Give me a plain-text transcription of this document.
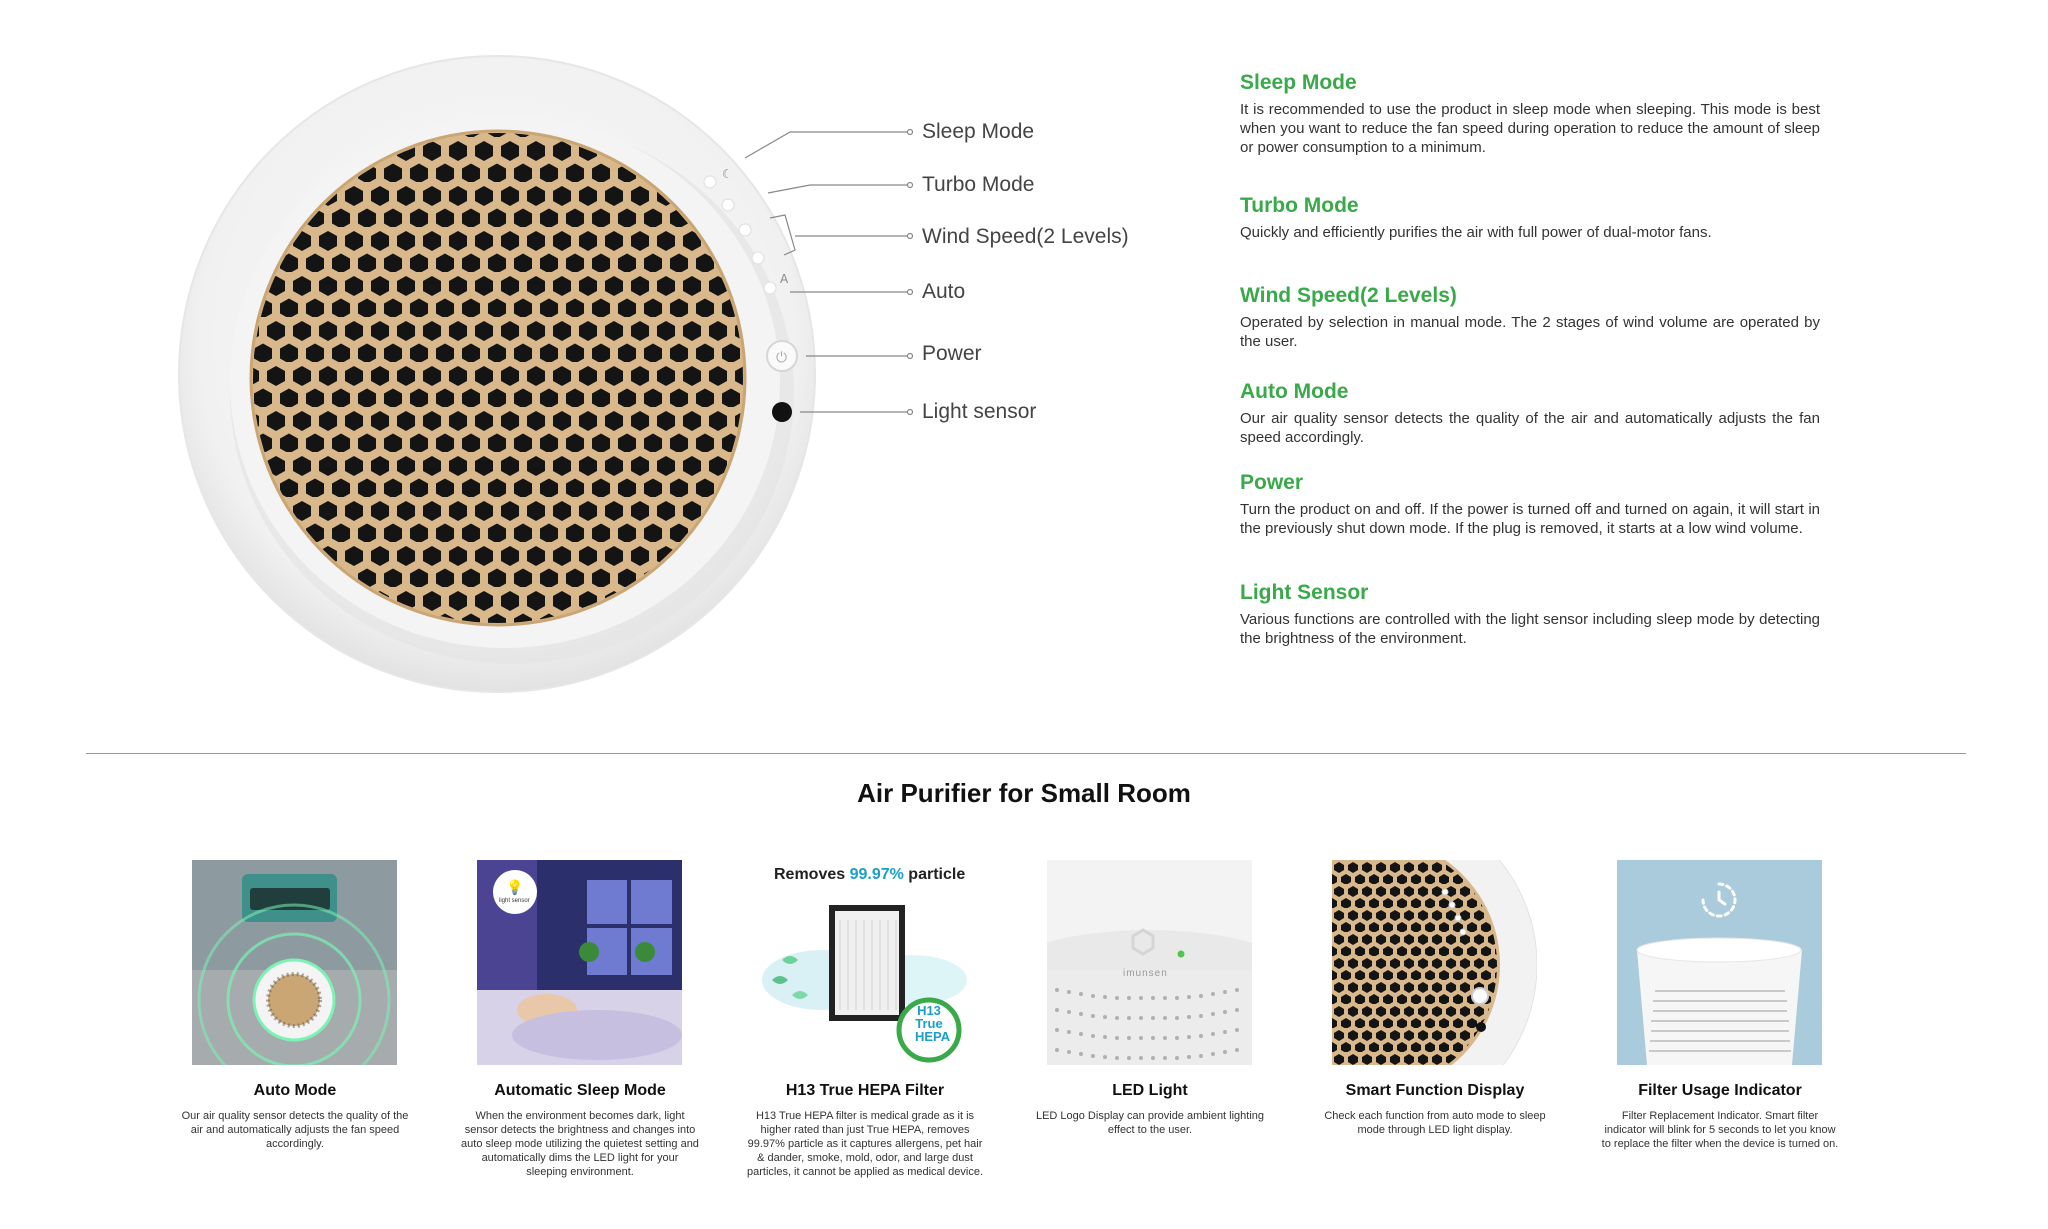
☾
A
⏻
Sleep Mode
Turbo Mode
Wind Speed(2 Levels)
Auto
Power
Light sensor
Sleep Mode

It is recommended to use the product in sleep mode when sleeping. This mode is best when you want to reduce the fan speed during operation to reduce the amount of sleep or power consumption to a minimum.

Turbo Mode

Quickly and efficiently purifies the air with full power of dual-motor fans.

Wind Speed(2 Levels)

Operated by selection in manual mode. The 2 stages of wind volume are operated by the user.

Auto Mode

Our air quality sensor detects the quality of the air and automatically adjusts the fan speed accordingly.

Power

Turn the product on and off. If the power is turned off and turned on again, it will start in the previously shut down mode. If the plug is removed, it starts at a low wind volume.

Light Sensor

Various functions are controlled with the light sensor including sleep mode by detecting the brightness of the environment.

Air Purifier for Small Room
Auto Mode

Our air quality sensor detects the quality of the air and automatically adjusts the fan speed accordingly.

💡
light sensor
Automatic Sleep Mode

When the environment becomes dark, light sensor detects the brightness and changes into auto sleep mode utilizing the quietest setting and automatically dims the LED light for your sleeping environment.

Removes 99.97% particle
H13
True
HEPA
H13 True HEPA Filter

H13 True HEPA filter is medical grade as it is higher rated than just True HEPA, removes 99.97% particle as it captures allergens, pet hair & dander, smoke, mold, odor, and large dust particles, it cannot be applied as medical device.

imunsen
LED Light

LED Logo Display can provide ambient lighting effect to the user.

Smart Function Display

Check each function from auto mode to sleep mode through LED light display.

Filter Usage Indicator

Filter Replacement Indicator. Smart filter indicator will blink for 5 seconds to let you know to replace the filter when the device is turned on.
